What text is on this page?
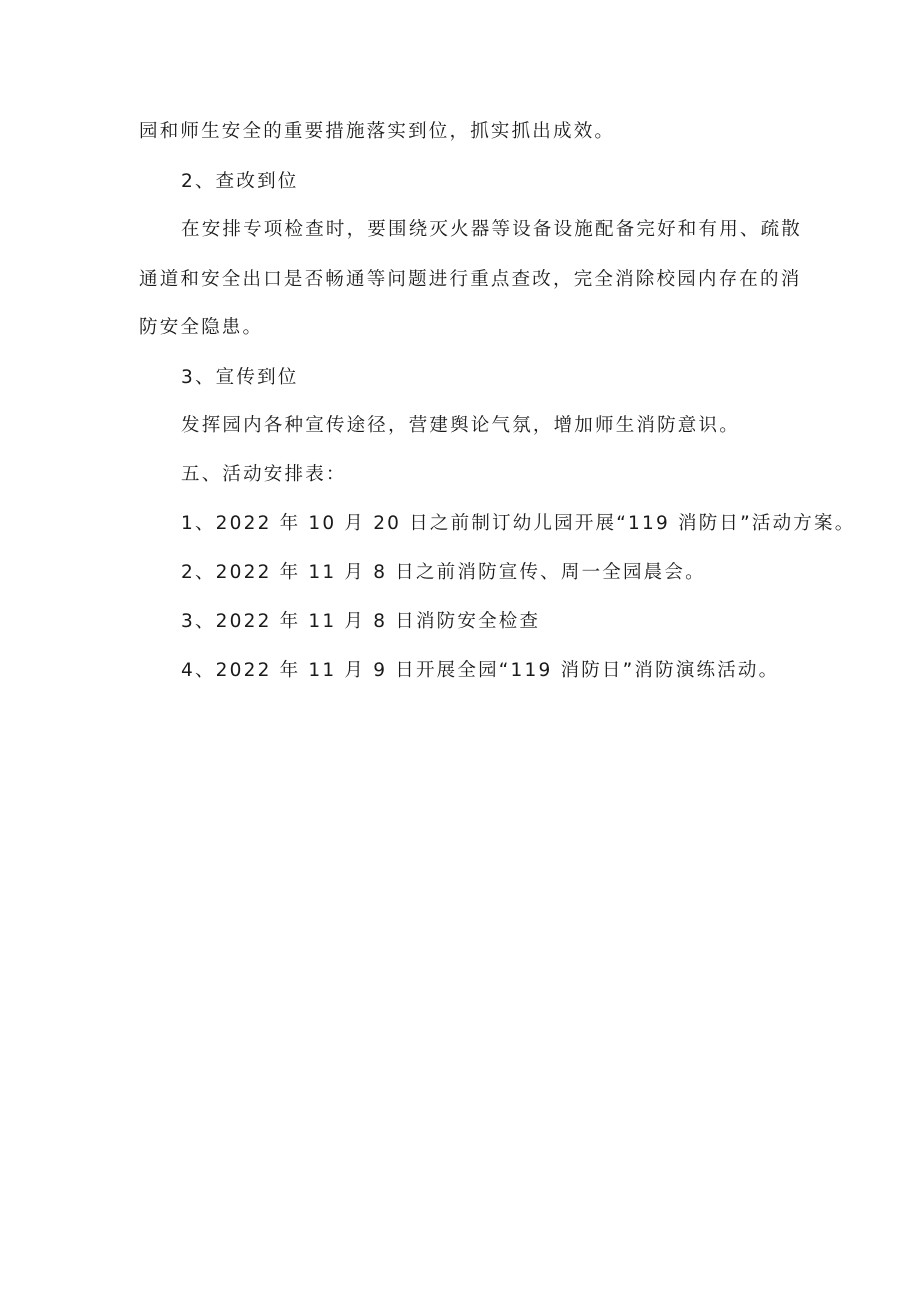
园和师生安全的重要措施落实到位，抓实抓出成效。
2、查改到位
在安排专项检查时，要围绕灭火器等设备设施配备完好和有用、疏散
通道和安全出口是否畅通等问题进行重点查改，完全消除校园内存在的消
防安全隐患。
3、宣传到位
发挥园内各种宣传途径，营建舆论气氛，增加师生消防意识。
五、活动安排表：
1、2022 年 10 月 20 日之前制订幼儿园开展“119 消防日”活动方案。
2、2022 年 11 月 8 日之前消防宣传、周一全园晨会。
3、2022 年 11 月 8 日消防安全检查
4、2022 年 11 月 9 日开展全园“119 消防日”消防演练活动。
